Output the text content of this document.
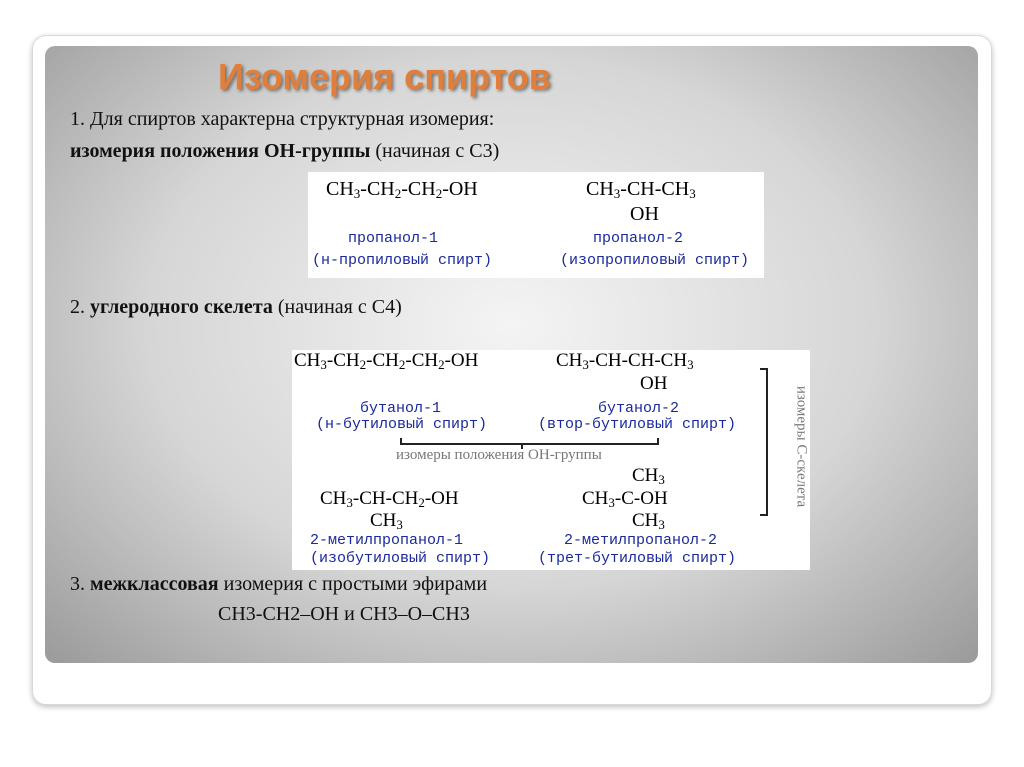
Изомерия спиртов
1. Для спиртов характерна структурная изомерия:
изомерия положения ОН-группы (начиная с С3)
$CH_3-CH_2-CH_2-OH$	$CH_3-CH-CH_3$
OH
пропанол-1
(н-пропиловый спирт)
пропанол-2
(изопропиловый спирт)
2. углеродного скелета (начиная с С4)
$CH_3-CH_2-CH_2-CH_2-OH$	$CH_3-CH-CH-CH_3$
OH
бутанол-1
(н-бутиловый спирт)
бутанол-2
(втор-бутиловый спирт)
изомеры положения ОН-группы
$CH_3-CH-CH_2-OH$
$CH_3$
$CH_3$
$CH_3-C-OH$
$CH_3$
2-метилпропанол-1
(изобутиловый спирт)
2-метилпропанол-2
(трет-бутиловый спирт)
изомеры С-скелета
3. межклассовая изомерия с простыми эфирами
CH3-CH2–OH и CH3–O–CH3
